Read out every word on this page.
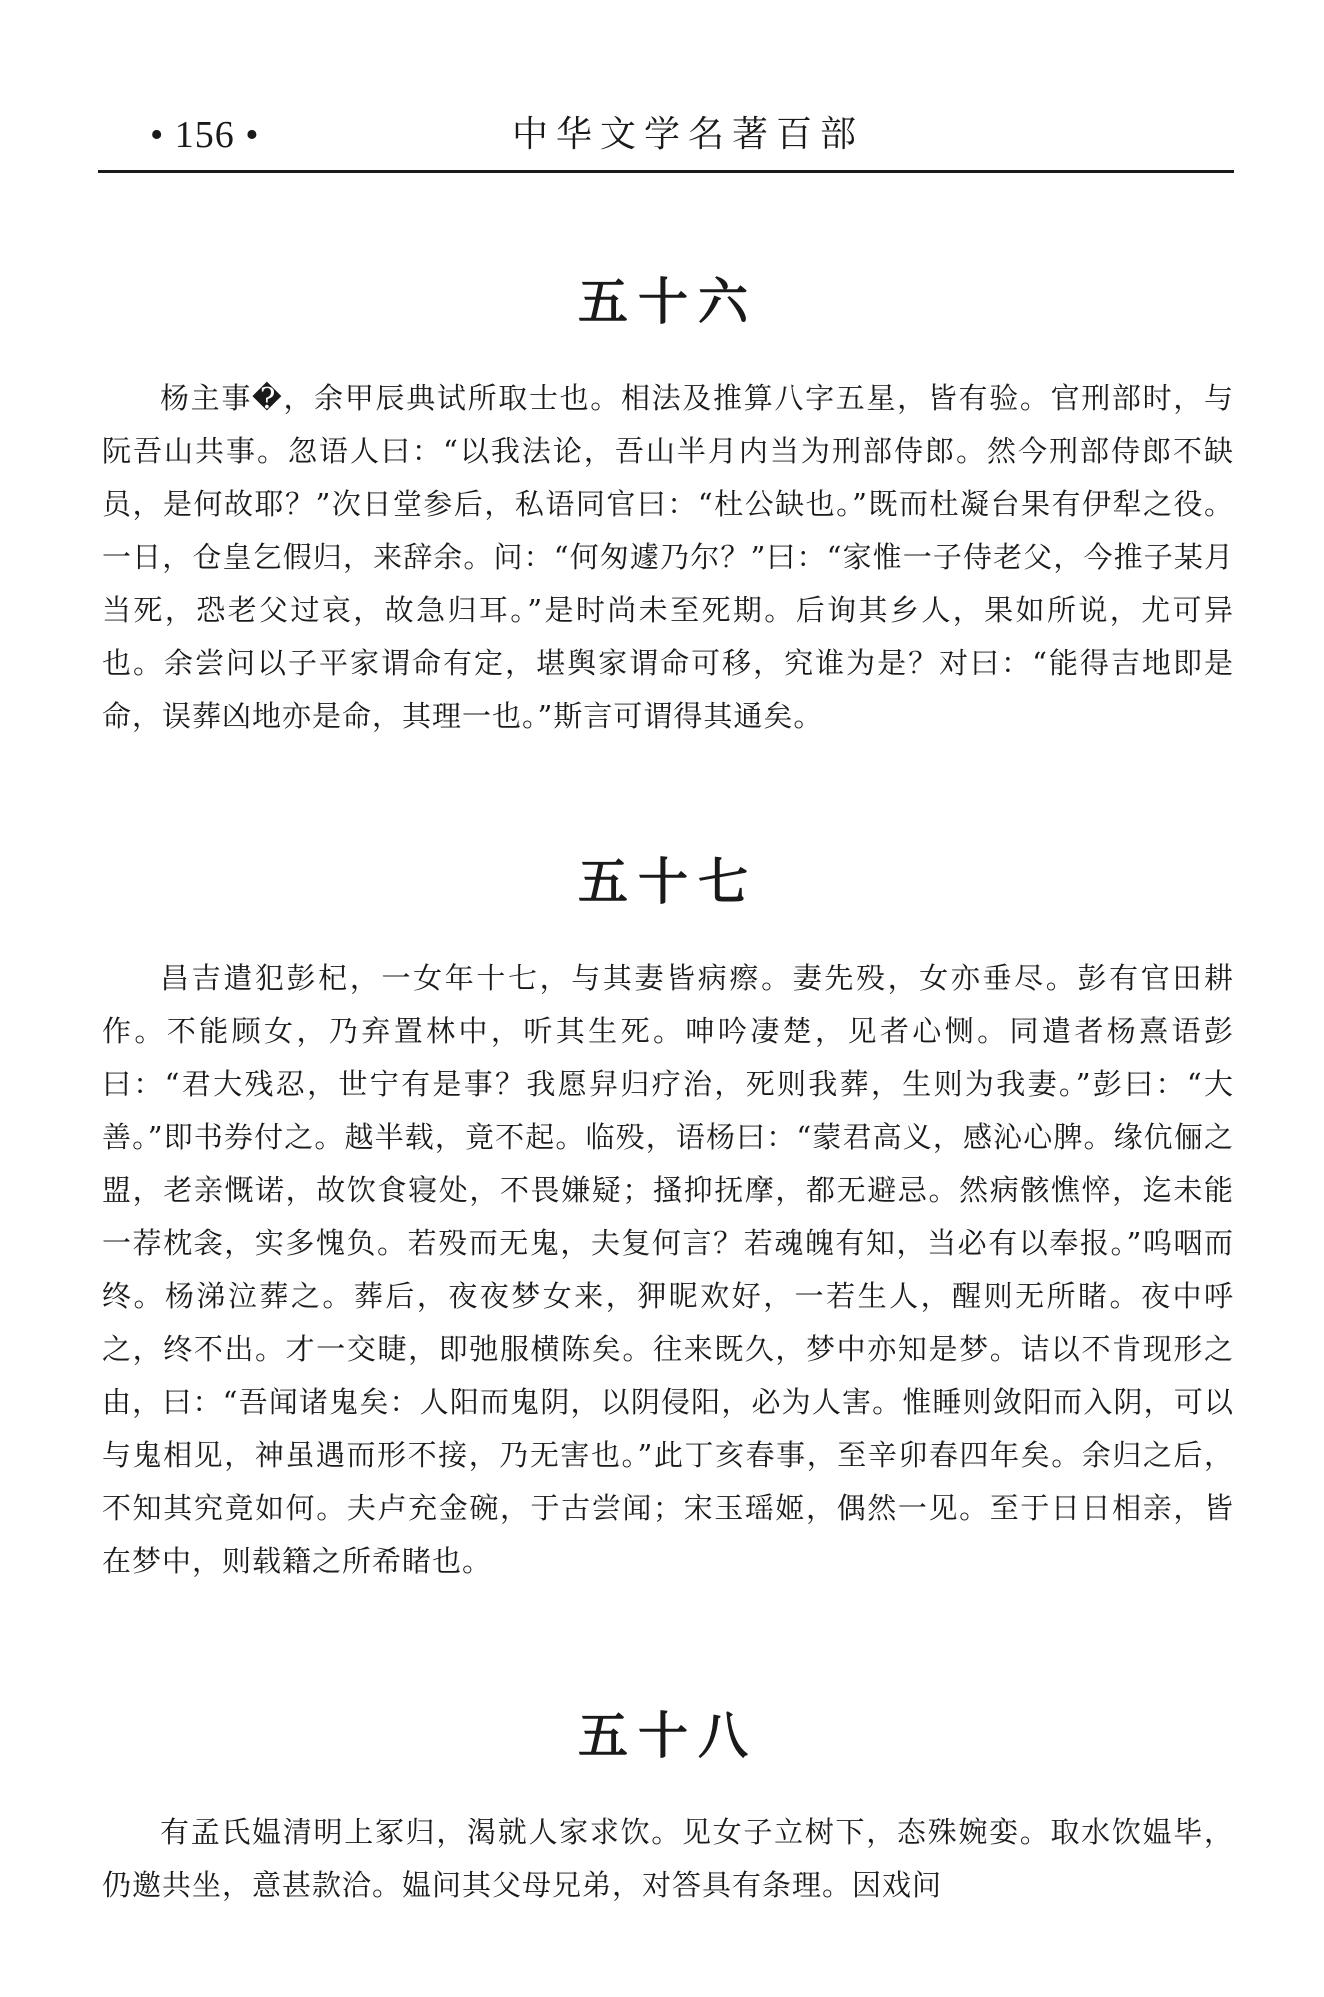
• 156 •	中华文学名著百部
五十六

杨主事�，余甲辰典试所取士也。相法及推算八字五星，皆有验。官刑部时，与阮吾山共事。忽语人曰：“以我法论，吾山半月内当为刑部侍郎。然今刑部侍郎不缺员，是何故耶？”次日堂参后，私语同官曰：“杜公缺也。”既而杜凝台果有伊犁之役。一日，仓皇乞假归，来辞余。问：“何匆遽乃尔？”曰：“家惟一子侍老父，今推子某月当死，恐老父过哀，故急归耳。”是时尚未至死期。后询其乡人，果如所说，尤可异也。余尝问以子平家谓命有定，堪舆家谓命可移，究谁为是？对曰：“能得吉地即是命，误葬凶地亦是命，其理一也。”斯言可谓得其通矣。

五十七

昌吉遣犯彭杞，一女年十七，与其妻皆病瘵。妻先殁，女亦垂尽。彭有官田耕作。不能顾女，乃弃置林中，听其生死。呻吟凄楚，见者心恻。同遣者杨熹语彭曰：“君大残忍，世宁有是事？我愿舁归疗治，死则我葬，生则为我妻。”彭曰：“大善。”即书券付之。越半载，竟不起。临殁，语杨曰：“蒙君高义，感沁心脾。缘伉俪之盟，老亲慨诺，故饮食寝处，不畏嫌疑；搔抑抚摩，都无避忌。然病骸憔悴，迄未能一荐枕衾，实多愧负。若殁而无鬼，夫复何言？若魂魄有知，当必有以奉报。”呜咽而终。杨涕泣葬之。葬后，夜夜梦女来，狎昵欢好，一若生人，醒则无所睹。夜中呼之，终不出。才一交睫，即弛服横陈矣。往来既久，梦中亦知是梦。诘以不肯现形之由，曰：“吾闻诸鬼矣：人阳而鬼阴，以阴侵阳，必为人害。惟睡则敛阳而入阴，可以与鬼相见，神虽遇而形不接，乃无害也。”此丁亥春事，至辛卯春四年矣。余归之后，不知其究竟如何。夫卢充金碗，于古尝闻；宋玉瑶姬，偶然一见。至于日日相亲，皆在梦中，则载籍之所希睹也。

五十八

有孟氏媪清明上冢归，渴就人家求饮。见女子立树下，态殊婉娈。取水饮媪毕，仍邀共坐，意甚款洽。媪问其父母兄弟，对答具有条理。因戏问
